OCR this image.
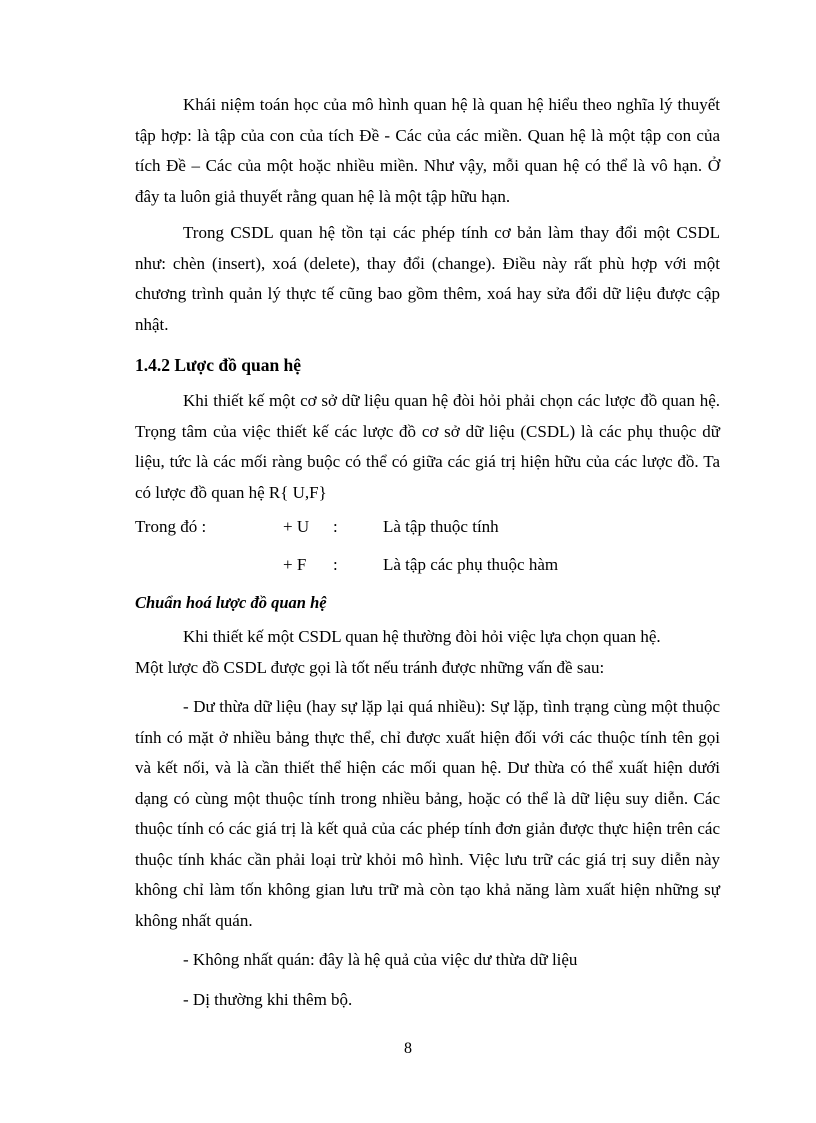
Khái niệm toán học của mô hình quan hệ là quan hệ hiểu theo nghĩa lý thuyết tập hợp: là tập của con của tích Đề - Các của các miền. Quan hệ là một tập con của tích Đề – Các của một hoặc nhiều miền. Như vậy, mỗi quan hệ có thể là vô hạn. Ở đây ta luôn giả thuyết rằng quan hệ là một tập hữu hạn.

Trong CSDL quan hệ tồn tại các phép tính cơ bản làm thay đổi một CSDL như: chèn (insert), xoá (delete), thay đổi (change). Điều này rất phù hợp với một chương trình quản lý thực tế cũng bao gồm thêm, xoá hay sửa đổi dữ liệu được cập nhật.

1.4.2 Lược đồ quan hệ

Khi thiết kế một cơ sở dữ liệu quan hệ đòi hỏi phải chọn các lược đồ quan hệ. Trọng tâm của việc thiết kế các lược đồ cơ sở dữ liệu (CSDL) là các phụ thuộc dữ liệu, tức là các mối ràng buộc có thể có giữa các giá trị hiện hữu của các lược đồ. Ta có lược đồ quan hệ R{ U,F}

Trong đó :	+ U	:	Là tập thuộc tính
+ F	:	Là tập các phụ thuộc hàm
Chuẩn hoá lược đồ quan hệ

Khi thiết kế một CSDL quan hệ thường đòi hỏi việc lựa chọn quan hệ.

Một lược đồ CSDL được gọi là tốt nếu tránh được những vấn đề sau:

- Dư thừa dữ liệu (hay sự lặp lại quá nhiều): Sự lặp, tình trạng cùng một thuộc tính có mặt ở nhiều bảng thực thể, chỉ được xuất hiện đối với các thuộc tính tên gọi và kết nối, và là cần thiết thể hiện các mối quan hệ. Dư thừa có thể xuất hiện dưới dạng có cùng một thuộc tính trong nhiều bảng, hoặc có thể là dữ liệu suy diễn. Các thuộc tính có các giá trị là kết quả của các phép tính đơn giản được thực hiện trên các thuộc tính khác cần phải loại trừ khỏi mô hình. Việc lưu trữ các giá trị suy diễn này không chỉ làm tốn không gian lưu trữ mà còn tạo khả năng làm xuất hiện những sự không nhất quán.

- Không nhất quán: đây là hệ quả của việc dư thừa dữ liệu

- Dị thường khi thêm bộ.

8
